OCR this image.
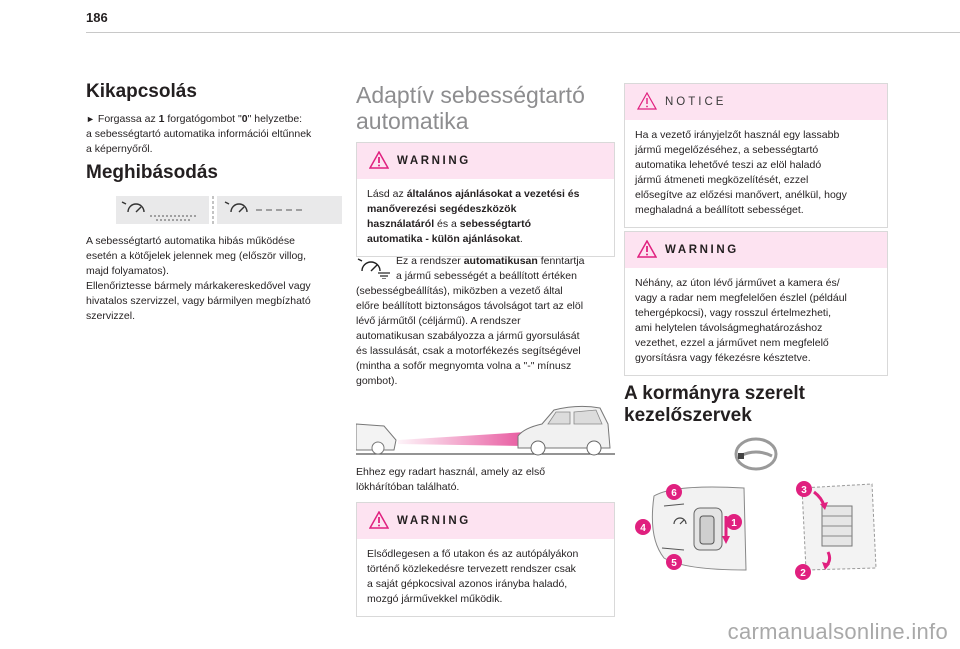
186
Kikapcsolás

► Forgassa az 1 forgatógombot "0" helyzetbe:
a sebességtartó automatika információi eltűnnek
a képernyőről.

Meghibásodás

A sebességtartó automatika hibás működése
esetén a kötőjelek jelennek meg (először villog,
majd folyamatos).
Ellenőriztesse bármely márkakereskedővel vagy
hivatalos szervizzel, vagy bármilyen megbízható
szervizzel.

Adaptív sebességtartó
automatika
WARNING
Lásd az általános ajánlásokat a vezetési és
manőverezési segédeszközök
használatáról és a sebességtartó
automatika - külön ajánlásokat.

Ez a rendszer automatikusan fenntartja
a jármű sebességét a beállított értéken
(sebességbeállítás), miközben a vezető által
előre beállított biztonságos távolságot tart az elöl
lévő járműtől (céljármű). A rendszer
automatikusan szabályozza a jármű gyorsulását
és lassulását, csak a motorfékezés segítségével
(mintha a sofőr megnyomta volna a "-" mínusz
gombot).

Ehhez egy radart használ, amely az első
lökhárítóban található.

WARNING
Elsődlegesen a fő utakon és az autópályákon
történő közlekedésre tervezett rendszer csak
a saját gépkocsival azonos irányba haladó,
mozgó járművekkel működik.
NOTICE
Ha a vezető irányjelzőt használ egy lassabb
jármű megelőzéséhez, a sebességtartó
automatika lehetővé teszi az elöl haladó
jármű átmeneti megközelítését, ezzel
elősegítve az előzési manővert, anélkül, hogy
meghaladná a beállított sebességet.
WARNING
Néhány, az úton lévő járművet a kamera és/
vagy a radar nem megfelelően észlel (például
tehergépkocsi), vagy rosszul értelmezheti,
ami helytelen távolságmeghatározáshoz
vezethet, ezzel a járművet nem megfelelő
gyorsításra vagy fékezésre késztetve.
A kormányra szerelt
kezelőszervek
6
1
4
5
3
2
carmanualsonline.info
